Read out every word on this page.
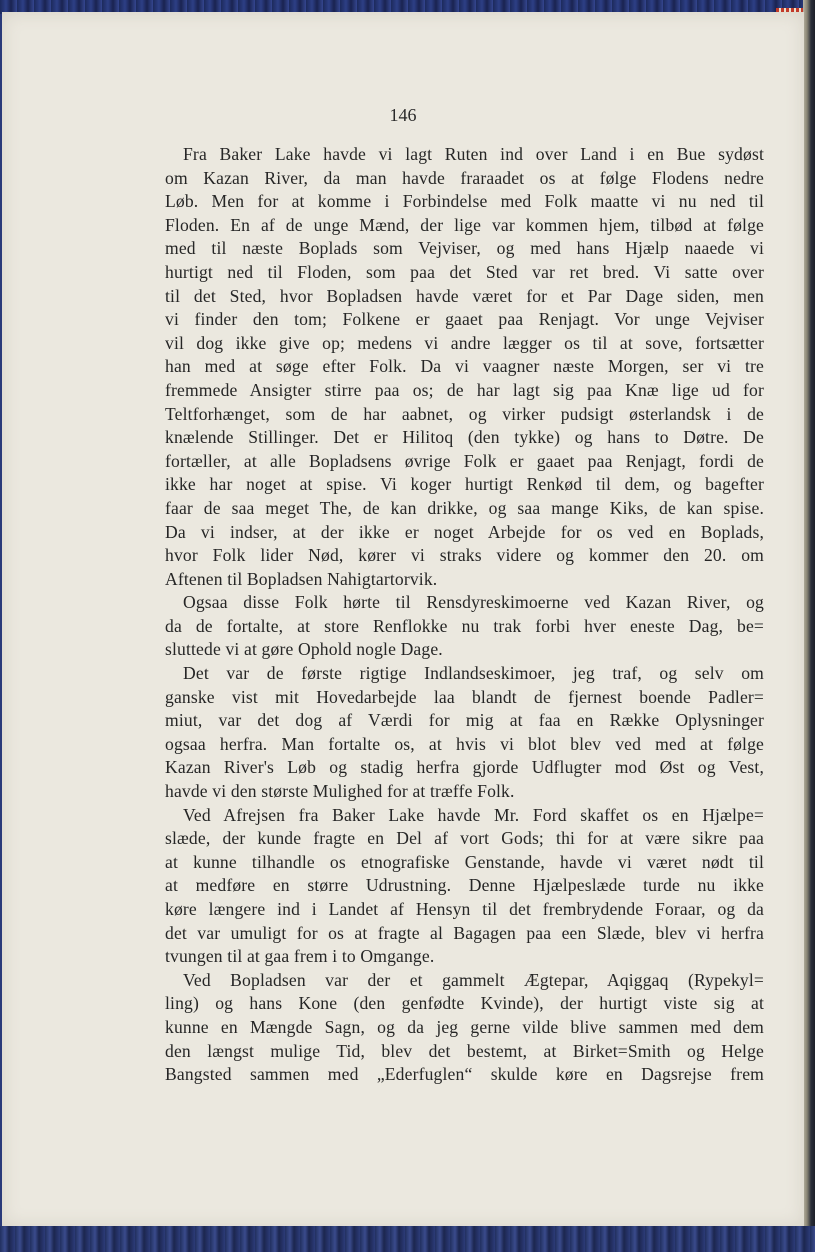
146
Fra Baker Lake havde vi lagt Ruten ind over Land i en Bue sydøst
om Kazan River, da man havde fraraadet os at følge Flodens nedre
Løb. Men for at komme i Forbindelse med Folk maatte vi nu ned til
Floden. En af de unge Mænd, der lige var kommen hjem, tilbød at følge
med til næste Boplads som Vejviser, og med hans Hjælp naaede vi
hurtigt ned til Floden, som paa det Sted var ret bred. Vi satte over
til det Sted, hvor Bopladsen havde været for et Par Dage siden, men
vi finder den tom; Folkene er gaaet paa Renjagt. Vor unge Vejviser
vil dog ikke give op; medens vi andre lægger os til at sove, fortsætter
han med at søge efter Folk. Da vi vaagner næste Morgen, ser vi tre
fremmede Ansigter stirre paa os; de har lagt sig paa Knæ lige ud for
Teltforhænget, som de har aabnet, og virker pudsigt østerlandsk i de
knælende Stillinger. Det er Hilitoq (den tykke) og hans to Døtre. De
fortæller, at alle Bopladsens øvrige Folk er gaaet paa Renjagt, fordi de
ikke har noget at spise. Vi koger hurtigt Renkød til dem, og bagefter
faar de saa meget The, de kan drikke, og saa mange Kiks, de kan spise.
Da vi indser, at der ikke er noget Arbejde for os ved en Boplads,
hvor Folk lider Nød, kører vi straks videre og kommer den 20. om
Aftenen til Bopladsen Nahigtartorvik.
Ogsaa disse Folk hørte til Rensdyreskimoerne ved Kazan River, og
da de fortalte, at store Renflokke nu trak forbi hver eneste Dag, be=
sluttede vi at gøre Ophold nogle Dage.
Det var de første rigtige Indlandseskimoer, jeg traf, og selv om
ganske vist mit Hovedarbejde laa blandt de fjernest boende Padler=
miut, var det dog af Værdi for mig at faa en Række Oplysninger
ogsaa herfra. Man fortalte os, at hvis vi blot blev ved med at følge
Kazan River's Løb og stadig herfra gjorde Udflugter mod Øst og Vest,
havde vi den største Mulighed for at træffe Folk.
Ved Afrejsen fra Baker Lake havde Mr. Ford skaffet os en Hjælpe=
slæde, der kunde fragte en Del af vort Gods; thi for at være sikre paa
at kunne tilhandle os etnografiske Genstande, havde vi været nødt til
at medføre en større Udrustning. Denne Hjælpeslæde turde nu ikke
køre længere ind i Landet af Hensyn til det frembrydende Foraar, og da
det var umuligt for os at fragte al Bagagen paa een Slæde, blev vi herfra
tvungen til at gaa frem i to Omgange.
Ved Bopladsen var der et gammelt Ægtepar, Aqiggaq (Rypekyl=
ling) og hans Kone (den genfødte Kvinde), der hurtigt viste sig at
kunne en Mængde Sagn, og da jeg gerne vilde blive sammen med dem
den længst mulige Tid, blev det bestemt, at Birket=Smith og Helge
Bangsted sammen med „Ederfuglen“ skulde køre en Dagsrejse frem
